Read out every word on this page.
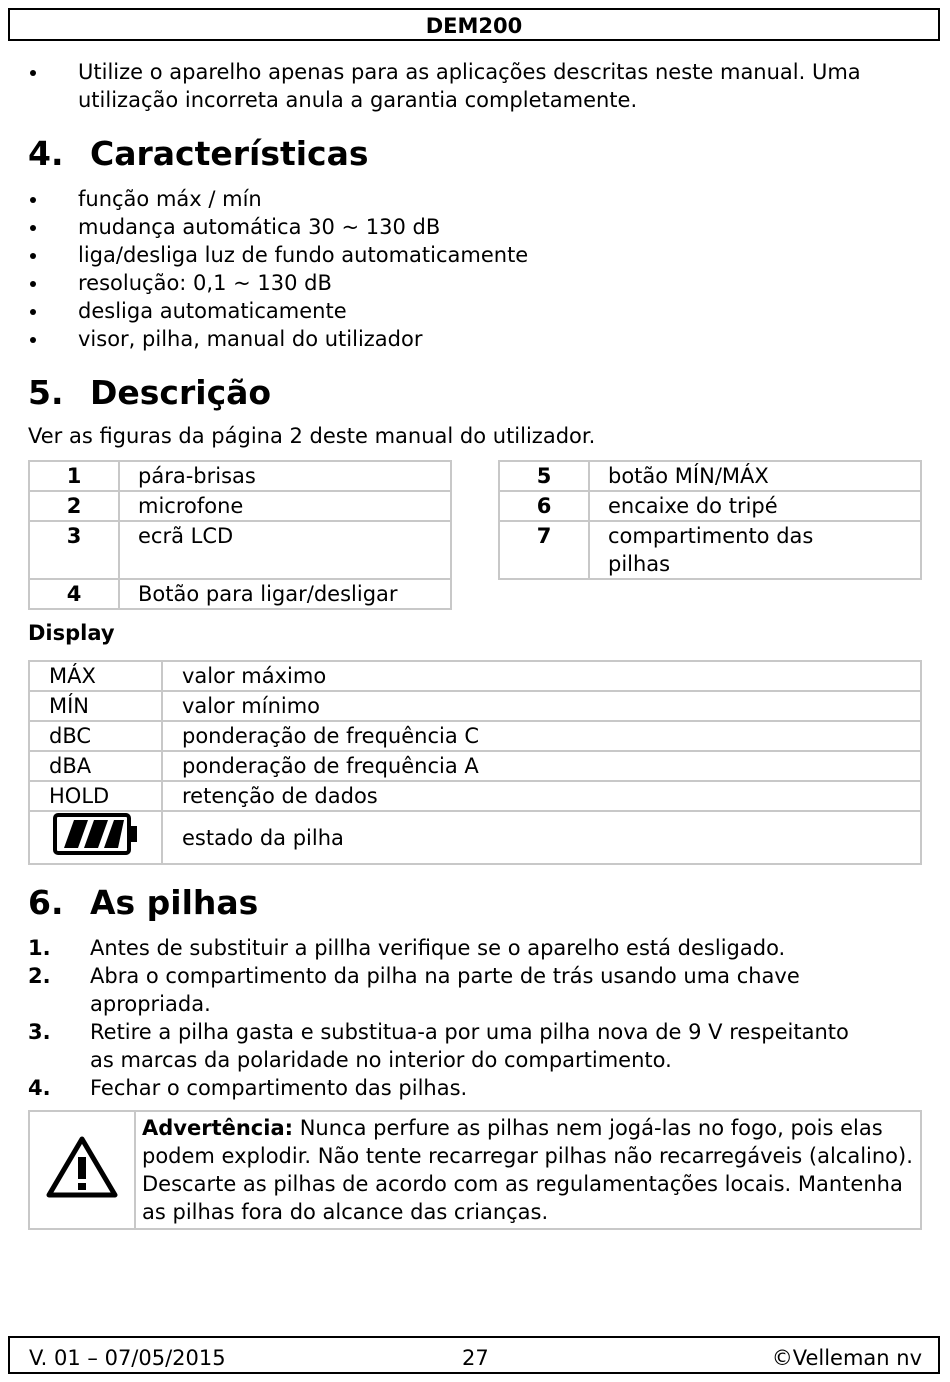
DEM200
Utilize o aparelho apenas para as aplicações descritas neste manual. Uma utilização incorreta anula a garantia completamente.
4. Características
função máx / mín
mudança automática 30 ~ 130 dB
liga/desliga luz de fundo automaticamente
resolução: 0,1 ~ 130 dB
desliga automaticamente
visor, pilha, manual do utilizador
5. Descrição
Ver as figuras da página 2 deste manual do utilizador.
1	pára-brisas
2	microfone
3	ecrã LCD
4	Botão para ligar/desligar
5	botão MÍN/MÁX
6	encaixe do tripé
7	compartimento das pilhas
Display
MÁX	valor máximo
MÍN	valor mínimo
dBC	ponderação de frequência C
dBA	ponderação de frequência A
HOLD	retenção de dados
	estado da pilha
6. As pilhas
1. Antes de substituir a pillha verifique se o aparelho está desligado.
2. Abra o compartimento da pilha na parte de trás usando uma chave apropriada.
3. Retire a pilha gasta e substitua-a por uma pilha nova de 9 V respeitanto as marcas da polaridade no interior do compartimento.
4. Fechar o compartimento das pilhas.
	Advertência: Nunca perfure as pilhas nem jogá-las no fogo, pois elas podem explodir. Não tente recarregar pilhas não recarregáveis (alcalino). Descarte as pilhas de acordo com as regulamentações locais. Mantenha as pilhas fora do alcance das crianças.
V. 01 – 07/05/2015	27	©Velleman nv
